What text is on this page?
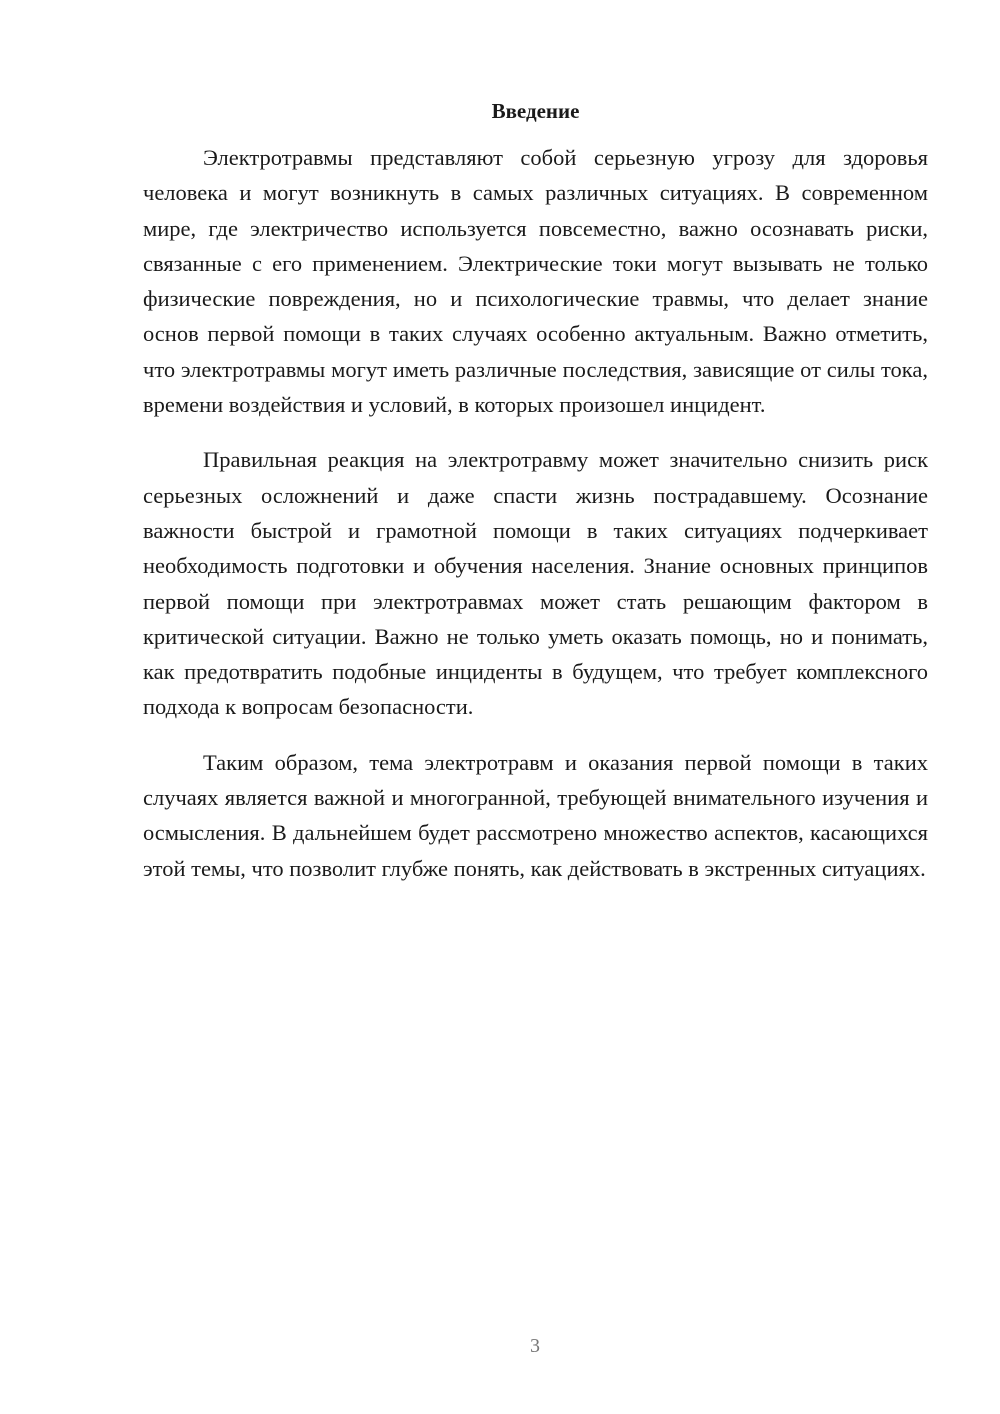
Введение

Электротравмы представляют собой серьезную угрозу для здоровья человека и могут возникнуть в самых различных ситуациях. В современном мире, где электричество используется повсеместно, важно осознавать риски, связанные с его применением. Электрические токи могут вызывать не только физические повреждения, но и психологические травмы, что делает знание основ первой помощи в таких случаях особенно актуальным. Важно отметить, что электротравмы могут иметь различные последствия, зависящие от силы тока, времени воздействия и условий, в которых произошел инцидент.

Правильная реакция на электротравму может значительно снизить риск серьезных осложнений и даже спасти жизнь пострадавшему. Осознание важности быстрой и грамотной помощи в таких ситуациях подчеркивает необходимость подготовки и обучения населения. Знание основных принципов первой помощи при электротравмах может стать решающим фактором в критической ситуации. Важно не только уметь оказать помощь, но и понимать, как предотвратить подобные инциденты в будущем, что требует комплексного подхода к вопросам безопасности.

Таким образом, тема электротравм и оказания первой помощи в таких случаях является важной и многогранной, требующей внимательного изучения и осмысления. В дальнейшем будет рассмотрено множество аспектов, касающихся этой темы, что позволит глубже понять, как действовать в экстренных ситуациях.

3
